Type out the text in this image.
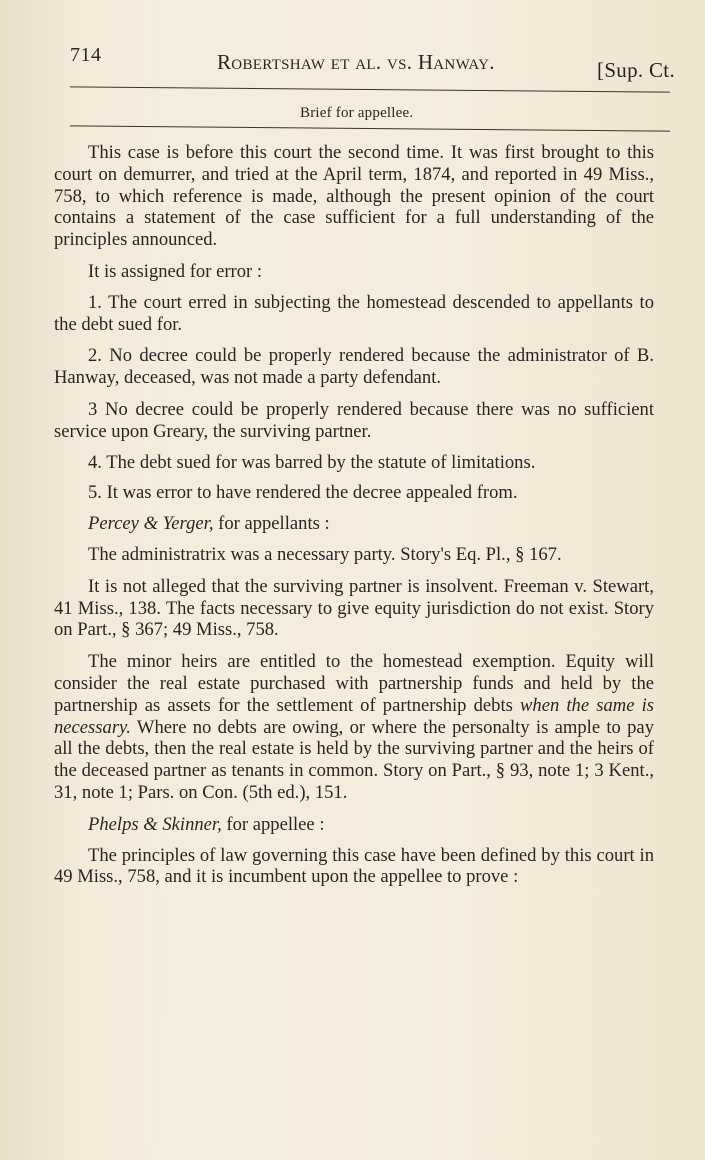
714	Robertshaw et al. vs. Hanway.	[Sup. Ct.
Brief for appellee.

This case is before this court the second time. It was first brought to this court on demurrer, and tried at the April term, 1874, and reported in 49 Miss., 758, to which reference is made, although the present opinion of the court contains a statement of the case sufficient for a full understanding of the principles announced.

It is assigned for error :

1. The court erred in subjecting the homestead descended to appellants to the debt sued for.

2. No decree could be properly rendered because the administrator of B. Hanway, deceased, was not made a party defendant.

3 No decree could be properly rendered because there was no sufficient service upon Greary, the surviving partner.

4. The debt sued for was barred by the statute of limitations.

5. It was error to have rendered the decree appealed from.

Percey & Yerger, for appellants :

The administratrix was a necessary party. Story's Eq. Pl., § 167.

It is not alleged that the surviving partner is insolvent. Freeman v. Stewart, 41 Miss., 138. The facts necessary to give equity jurisdiction do not exist. Story on Part., § 367; 49 Miss., 758.

The minor heirs are entitled to the homestead exemption. Equity will consider the real estate purchased with partnership funds and held by the partnership as assets for the settlement of partnership debts when the same is necessary. Where no debts are owing, or where the personalty is ample to pay all the debts, then the real estate is held by the surviving partner and the heirs of the deceased partner as tenants in common. Story on Part., § 93, note 1; 3 Kent., 31, note 1; Pars. on Con. (5th ed.), 151.

Phelps & Skinner, for appellee :

The principles of law governing this case have been defined by this court in 49 Miss., 758, and it is incumbent upon the appellee to prove :
